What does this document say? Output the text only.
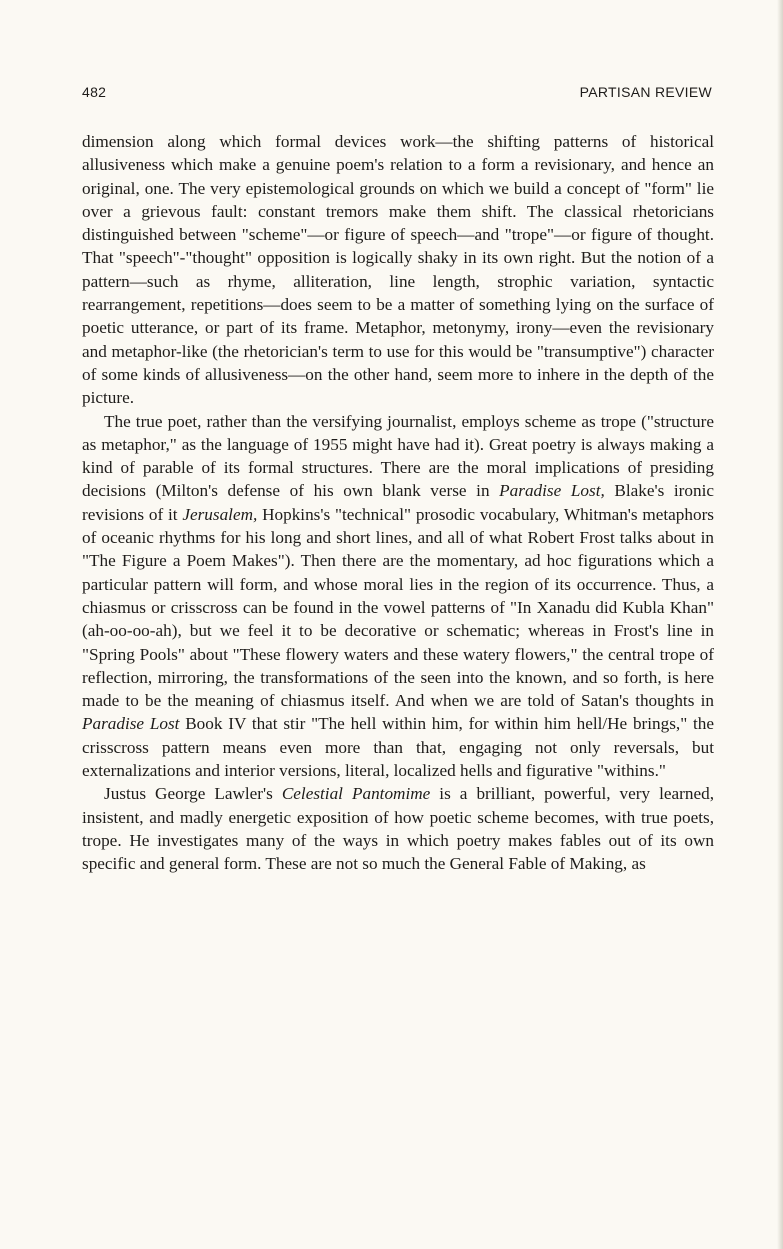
482	PARTISAN REVIEW

dimension along which formal devices work—the shifting patterns of historical allusiveness which make a genuine poem's relation to a form a revisionary, and hence an original, one. The very epistemological grounds on which we build a concept of "form" lie over a grievous fault: constant tremors make them shift. The classical rhetoricians distinguished between "scheme"—or figure of speech—and "trope"—or figure of thought. That "speech"-"thought" opposition is logically shaky in its own right. But the notion of a pattern—such as rhyme, alliteration, line length, strophic variation, syntactic rearrangement, repetitions—does seem to be a matter of something lying on the surface of poetic utterance, or part of its frame. Metaphor, metonymy, irony—even the revisionary and metaphor-like (the rhetorician's term to use for this would be "transumptive") character of some kinds of allusiveness—on the other hand, seem more to inhere in the depth of the picture.

The true poet, rather than the versifying journalist, employs scheme as trope ("structure as metaphor," as the language of 1955 might have had it). Great poetry is always making a kind of parable of its formal structures. There are the moral implications of presiding decisions (Milton's defense of his own blank verse in Paradise Lost, Blake's ironic revisions of it Jerusalem, Hopkins's "technical" prosodic vocabulary, Whitman's metaphors of oceanic rhythms for his long and short lines, and all of what Robert Frost talks about in "The Figure a Poem Makes"). Then there are the momentary, ad hoc figurations which a particular pattern will form, and whose moral lies in the region of its occurrence. Thus, a chiasmus or crisscross can be found in the vowel patterns of "In Xanadu did Kubla Khan" (ah-oo-oo-ah), but we feel it to be decorative or schematic; whereas in Frost's line in "Spring Pools" about "These flowery waters and these watery flowers," the central trope of reflection, mirroring, the transformations of the seen into the known, and so forth, is here made to be the meaning of chiasmus itself. And when we are told of Satan's thoughts in Paradise Lost Book IV that stir "The hell within him, for within him hell/He brings," the crisscross pattern means even more than that, engaging not only reversals, but externalizations and interior versions, literal, localized hells and figurative "withins."

Justus George Lawler's Celestial Pantomime is a brilliant, powerful, very learned, insistent, and madly energetic exposition of how poetic scheme becomes, with true poets, trope. He investigates many of the ways in which poetry makes fables out of its own specific and general form. These are not so much the General Fable of Making, as
